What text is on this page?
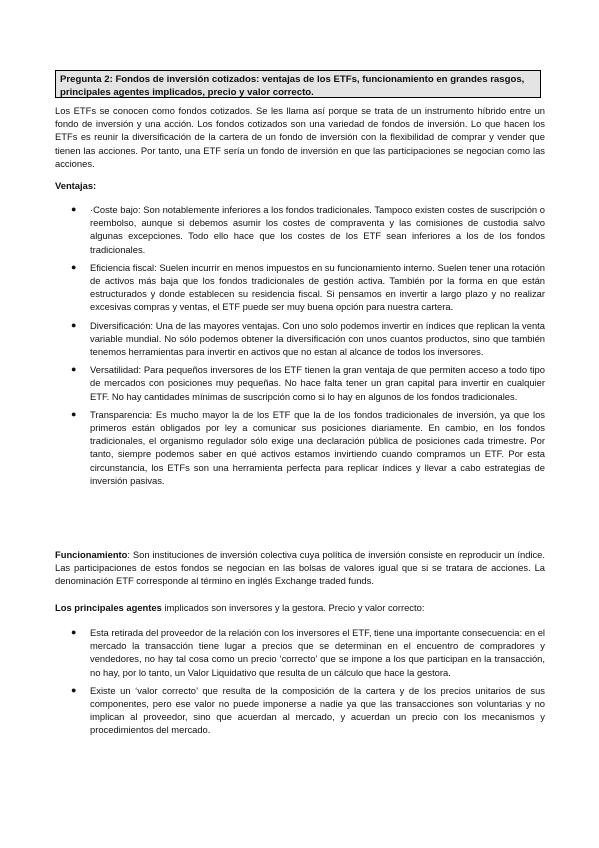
Pregunta 2: Fondos de inversión cotizados: ventajas de los ETFs, funcionamiento en grandes rasgos, principales agentes implicados, precio y valor correcto.

Los ETFs se conocen como fondos cotizados. Se les llama así porque se trata de un instrumento híbrido entre un fondo de inversión y una acción. Los fondos cotizados son una variedad de fondos de inversión. Lo que hacen los ETFs es reunir la diversificación de la cartera de un fondo de inversión con la flexibilidad de comprar y vender que tienen las acciones. Por tanto, una ETF sería un fondo de inversión en que las participaciones se negocian como las acciones.

Ventajas:
● ·Coste bajo: Son notablemente inferiores a los fondos tradicionales. Tampoco existen costes de suscripción o reembolso, aunque si debemos asumir los costes de compraventa y las comisiones de custodia salvo algunas excepciones. Todo ello hace que los costes de los ETF sean inferiores a los de los fondos tradicionales.
● Eficiencia fiscal: Suelen incurrir en menos impuestos en su funcionamiento interno. Suelen tener una rotación de activos más baja que los fondos tradicionales de gestión activa. También por la forma en que están estructurados y donde establecen su residencia fiscal. Si pensamos en invertir a largo plazo y no realizar excesivas compras y ventas, el ETF puede ser muy buena opción para nuestra cartera.
● Diversificación: Una de las mayores ventajas. Con uno solo podemos invertir en índices que replican la venta variable mundial. No sólo podemos obtener la diversificación con unos cuantos productos, sino que también tenemos herramientas para invertir en activos que no estan al alcance de todos los inversores.
● Versatilidad: Para pequeños inversores de los ETF tienen la gran ventaja de que permiten acceso a todo tipo de mercados con posiciones muy pequeñas. No hace falta tener un gran capital para invertir en cualquier ETF. No hay cantidades mínimas de suscripción como si lo hay en algunos de los fondos tradicionales.
● Transparencia: Es mucho mayor la de los ETF que la de los fondos tradicionales de inversión, ya que los primeros están obligados por ley a comunicar sus posiciones diariamente. En cambio, en los fondos tradicionales, el organismo regulador sólo exige una declaración pública de posiciones cada trimestre. Por tanto, siempre podemos saber en qué activos estamos invirtiendo cuando compramos un ETF. Por esta circunstancia, los ETFs son una herramienta perfecta para replicar índices y llevar a cabo estrategias de inversión pasivas.

Funcionamiento: Son instituciones de inversión colectiva cuya política de inversión consiste en reproducir un índice. Las participaciones de estos fondos se negocian en las bolsas de valores igual que si se tratara de acciones. La denominación ETF corresponde al término en inglés Exchange traded funds.

Los principales agentes implicados son inversores y la gestora. Precio y valor correcto:

● Esta retirada del proveedor de la relación con los inversores el ETF, tiene una importante consecuencia: en el mercado la transacción tiene lugar a precios que se determinan en el encuentro de compradores y vendedores, no hay tal cosa como un precio ‘correcto’ que se impone a los que participan en la transacción, no hay, por lo tanto, un Valor Liquidativo que resulta de un cálculo que hace la gestora.
● Existe un ‘valor correcto’ que resulta de la composición de la cartera y de los precios unitarios de sus componentes, pero ese valor no puede imponerse a nadie ya que las transacciones son voluntarias y no implican al proveedor, sino que acuerdan al mercado, y acuerdan un precio con los mecanismos y procedimientos del mercado.
